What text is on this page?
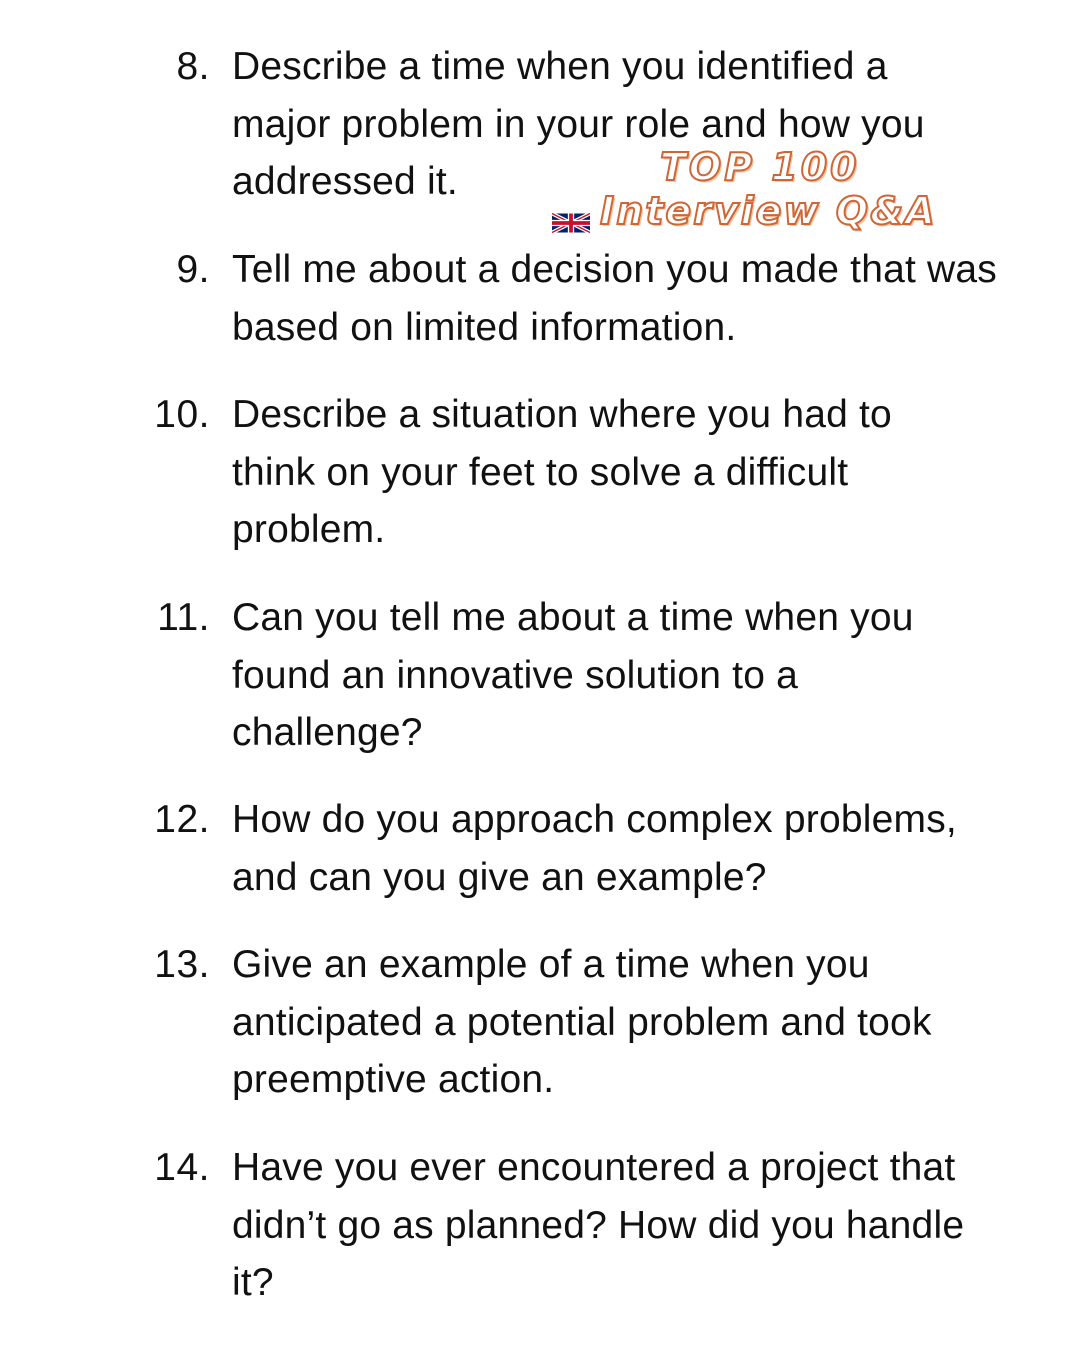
8. Describe a time when you identified a major problem in your role and how you addressed it.	TOP 100
Interview Q&A
9. Tell me about a decision you made that was based on limited information.
10. Describe a situation where you had to think on your feet to solve a difficult problem.
11. Can you tell me about a time when you found an innovative solution to a challenge?
12. How do you approach complex problems, and can you give an example?
13. Give an example of a time when you anticipated a potential problem and took preemptive action.
14. Have you ever encountered a project that didn’t go as planned? How did you handle it?
